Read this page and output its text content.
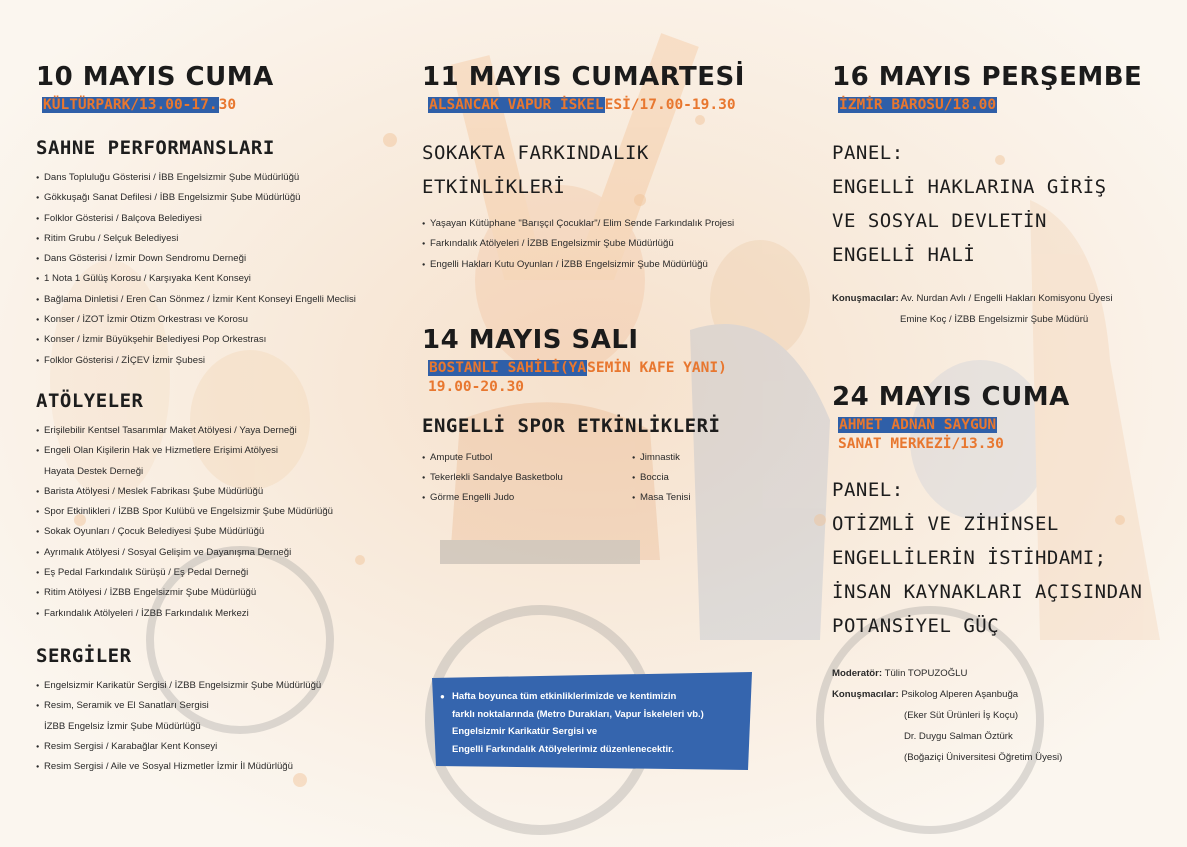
10 MAYIS CUMA
KÜLTÜRPARK/13.00-17.30
SAHNE PERFORMANSLARI
● Dans Topluluğu Gösterisi / İBB Engelsizmir Şube Müdürlüğü
● Gökkuşağı Sanat Defilesi / İBB Engelsizmir Şube Müdürlüğü
● Folklor Gösterisi / Balçova Belediyesi
● Ritim Grubu / Selçuk Belediyesi
● Dans Gösterisi / İzmir Down Sendromu Derneği
● 1 Nota 1 Gülüş Korosu / Karşıyaka Kent Konseyi
● Bağlama Dinletisi / Eren Can Sönmez / İzmir Kent Konseyi Engelli Meclisi
● Konser / İZOT İzmir Otizm Orkestrası ve Korosu
● Konser / İzmir Büyükşehir Belediyesi Pop Orkestrası
● Folklor Gösterisi / ZİÇEV İzmir Şubesi
ATÖLYELER
● Erişilebilir Kentsel Tasarımlar Maket Atölyesi / Yaya Derneği
● Engeli Olan Kişilerin Hak ve Hizmetlere Erişimi Atölyesi
Hayata Destek Derneği
● Barista Atölyesi / Meslek Fabrikası Şube Müdürlüğü
● Spor Etkinlikleri / İZBB Spor Kulübü ve Engelsizmir Şube Müdürlüğü
● Sokak Oyunları / Çocuk Belediyesi Şube Müdürlüğü
● Ayrımalık Atölyesi / Sosyal Gelişim ve Dayanışma Derneği
● Eş Pedal Farkındalık Sürüşü / Eş Pedal Derneği
● Ritim Atölyesi / İZBB Engelsizmir Şube Müdürlüğü
● Farkındalık Atölyeleri / İZBB Farkındalık Merkezi
SERGİLER
● Engelsizmir Karikatür Sergisi / İZBB Engelsizmir Şube Müdürlüğü
● Resim, Seramik ve El Sanatları Sergisi
İZBB Engelsiz İzmir Şube Müdürlüğü
● Resim Sergisi / Karabağlar Kent Konseyi
● Resim Sergisi / Aile ve Sosyal Hizmetler İzmir İl Müdürlüğü
11 MAYIS CUMARTESİ
ALSANCAK VAPUR İSKELESİ/17.00-19.30
SOKAKTA FARKINDALIK
ETKİNLİKLERİ
● Yaşayan Kütüphane "Barışçıl Çocuklar"/ Elim Sende Farkındalık Projesi
● Farkındalık Atölyeleri / İZBB Engelsizmir Şube Müdürlüğü
● Engelli Hakları Kutu Oyunları / İZBB Engelsizmir Şube Müdürlüğü
14 MAYIS SALI
BOSTANLI SAHİLİ(YASEMİN KAFE YANI)
19.00-20.30
ENGELLİ SPOR ETKİNLİKLERİ
● Ampute Futbol
● Tekerlekli Sandalye Basketbolu
● Görme Engelli Judo
● Jimnastik
● Boccia
● Masa Tenisi
● Hafta boyunca tüm etkinliklerimizde ve kentimizin
farklı noktalarında (Metro Durakları, Vapur İskeleleri vb.)
Engelsizmir Karikatür Sergisi ve
Engelli Farkındalık Atölyelerimiz düzenlenecektir.
16 MAYIS PERŞEMBE
İZMİR BAROSU/18.00
PANEL:
ENGELLİ HAKLARINA GİRİŞ
VE SOSYAL DEVLETİN
ENGELLİ HALİ
Konuşmacılar: Av. Nurdan Avlı / Engelli Hakları Komisyonu Üyesi
Emine Koç / İZBB Engelsizmir Şube Müdürü
24 MAYIS CUMA
AHMET ADNAN SAYGUN
SANAT MERKEZİ/13.30
PANEL:
OTİZMLİ VE ZİHİNSEL
ENGELLİLERİN İSTİHDAMI;
İNSAN KAYNAKLARI AÇISINDAN
POTANSİYEL GÜÇ
Moderatör: Tülin TOPUZOĞLU
Konuşmacılar: Psikolog Alperen Aşanbuğa
(Eker Süt Ürünleri İş Koçu)
Dr. Duygu Salman Öztürk
(Boğaziçi Üniversitesi Öğretim Üyesi)
